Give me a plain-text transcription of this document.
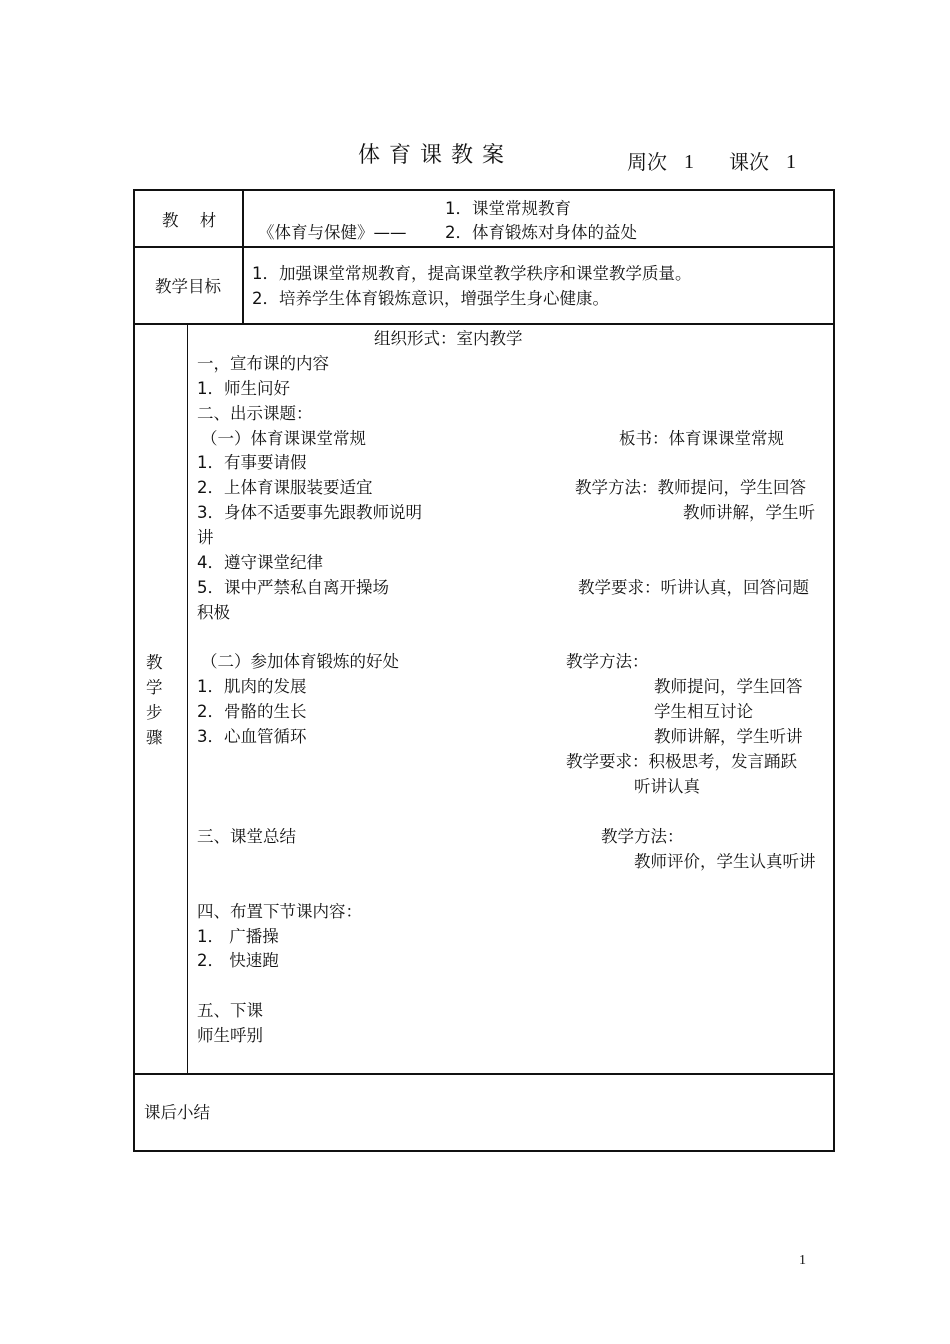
体育课教案	周次 1 课次 1
教 材
《体育与保健》——
1．课堂常规教育
2．体育锻炼对身体的益处
教学目标
1．加强课堂常规教育，提高课堂教学秩序和课堂教学质量。
2．培养学生体育锻炼意识，增强学生身心健康。
教
学
步
骤
组织形式：室内教学
一，宣布课的内容
1．师生问好
二、出示课题：
（一）体育课课堂常规
1．有事要请假
2．上体育课服装要适宜
3．身体不适要事先跟教师说明
讲
4．遵守课堂纪律
5．课中严禁私自离开操场
积极
（二）参加体育锻炼的好处
1．肌肉的发展
2．骨骼的生长
3．心血管循环
三、课堂总结
四、布置下节课内容：
1． 广播操
2． 快速跑
五、下课
师生呼别
板书：体育课课堂常规
教学方法：教师提问，学生回答
教师讲解，学生听
教学要求：听讲认真，回答问题
教学方法：
教师提问，学生回答
学生相互讨论
教师讲解，学生听讲
教学要求：积极思考，发言踊跃
听讲认真
教学方法：
教师评价，学生认真听讲
课后小结
1
